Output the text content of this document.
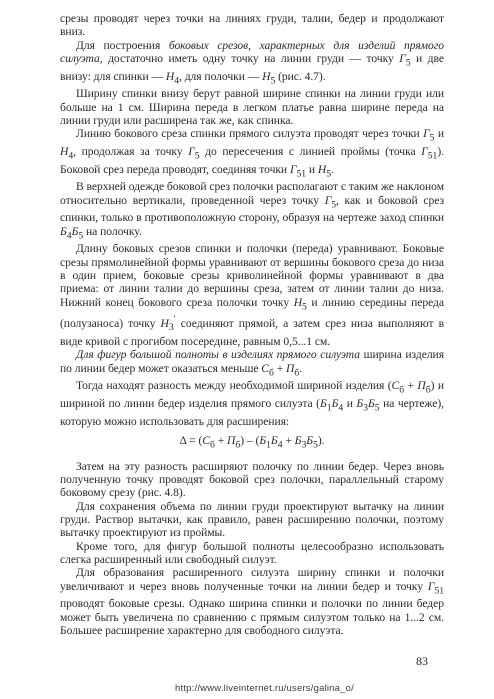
срезы проводят через точки на линиях груди, талии, бедер и продолжают вниз.

Для построения боковых срезов, характерных для изделий прямого силуэта, достаточно иметь одну точку на линии груди — точку $Г_5$ и две внизу: для спинки — $Н_4$, для полочки — $Н_5$ (рис. 4.7).

Ширину спинки внизу берут равной ширине спинки на линии груди или больше на 1 см. Ширина переда в легком платье равна ширине переда на линии груди или расширена так же, как спинка.

Линию бокового среза спинки прямого силуэта проводят через точки $Г_5$ и $Н_4$, продолжая за точку $Г_5$ до пересечения с линией проймы (точка $Г_{51}$). Боковой срез переда проводят, соединяя точки $Г_{51}$ и $Н_5$.

В верхней одежде боковой срез полочки располагают с таким же наклоном относительно вертикали, проведенной через точку $Г_5$, как и боковой срез спинки, только в противоположную сторону, образуя на чертеже заход спинки $Б_4Б_5$ на полочку.

Длину боковых срезов спинки и полочки (переда) уравнивают. Боковые срезы прямолинейной формы уравнивают от вершины бокового среза до низа в один прием, боковые срезы криволинейной формы уравнивают в два приема: от линии талии до вершины среза, затем от линии талии до низа. Нижний конец бокового среза полочки точку $Н_5$ и линию середины переда (полузаноса) точку $Н_3'$ соединяют прямой, а затем срез низа выполняют в виде кривой с прогибом посередине, равным 0,5...1 см.

Для фигур большой полноты в изделиях прямого силуэта ширина изделия по линии бедер может оказаться меньше $С_б + П_б$.

Тогда находят разность между необходимой шириной изделия $(С_б + П_б)$ и шириной по линии бедер изделия прямого силуэта ($Б_1Б_4$ и $Б_3Б_5$ на чертеже), которую можно использовать для расширения:

$\Delta = (С_б + П_б) - (Б_1Б_4 + Б_3Б_5)$.

Затем на эту разность расширяют полочку по линии бедер. Через вновь полученную точку проводят боковой срез полочки, параллельный старому боковому срезу (рис. 4.8).

Для сохранения объема по линии груди проектируют вытачку на линии груди. Раствор вытачки, как правило, равен расширению полочки, поэтому вытачку проектируют из проймы.

Кроме того, для фигур большой полноты целесообразно использовать слегка расширенный или свободный силуэт.

Для образования расширенного силуэта ширину спинки и полочки увеличивают и через вновь полученные точки на линии бедер и точку $Г_{51}$ проводят боковые срезы. Однако ширина спинки и полочки по линии бедер может быть увеличена по сравнению с прямым силуэтом только на 1...2 см. Большее расширение характерно для свободного силуэта.

83
http://www.liveinternet.ru/users/galina_o/
